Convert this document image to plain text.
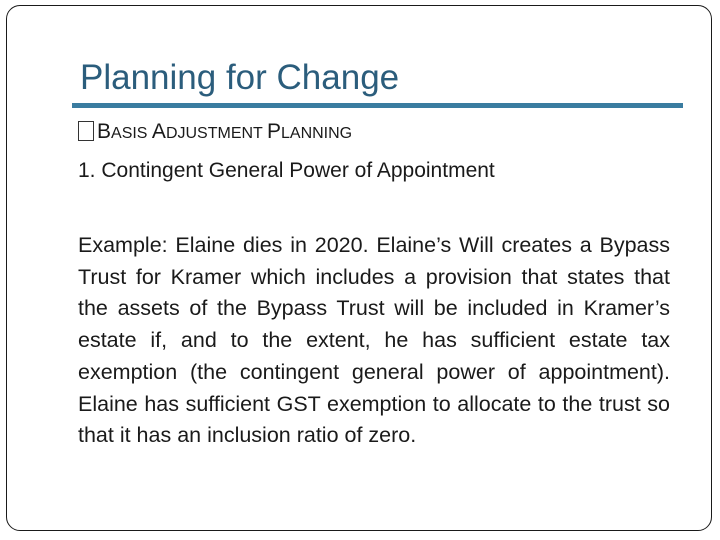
Planning for Change
BASIS ADJUSTMENT PLANNING
1. Contingent General Power of Appointment

Example: Elaine dies in 2020. Elaine’s Will creates a Bypass Trust for Kramer which includes a provision that states that the assets of the Bypass Trust will be included in Kramer’s estate if, and to the extent, he has sufficient estate tax exemption (the contingent general power of appointment). Elaine has sufficient GST exemption to allocate to the trust so that it has an inclusion ratio of zero.
